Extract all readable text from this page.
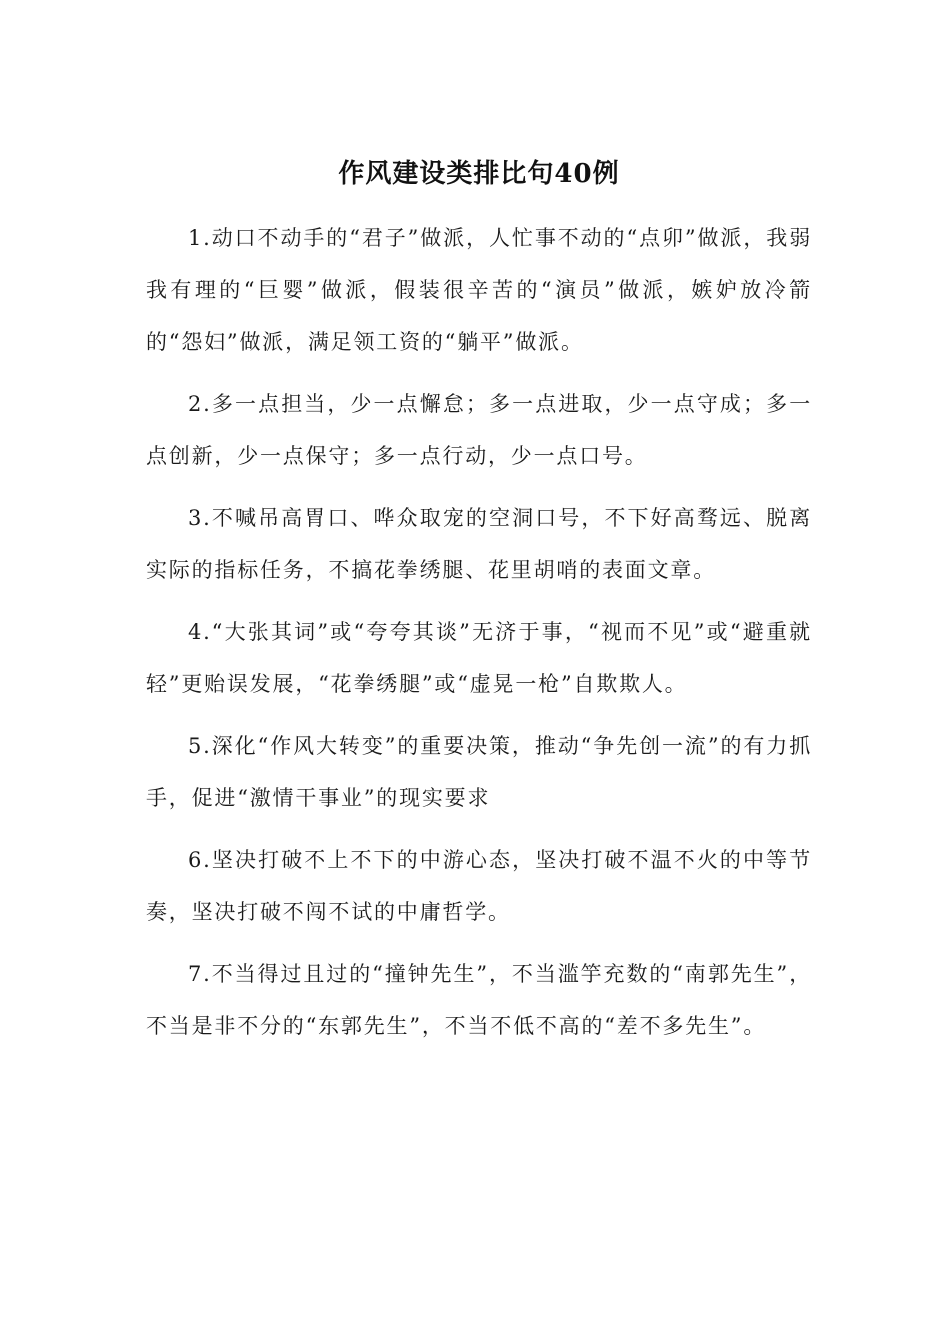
作风建设类排比句40例

1.动口不动手的“君子”做派，人忙事不动的“点卯”做派，我弱我有理的“巨婴”做派，假装很辛苦的“演员”做派，嫉妒放冷箭的“怨妇”做派，满足领工资的“躺平”做派。

2.多一点担当，少一点懈怠；多一点进取，少一点守成；多一点创新，少一点保守；多一点行动，少一点口号。

3.不喊吊高胃口、哗众取宠的空洞口号，不下好高骛远、脱离实际的指标任务，不搞花拳绣腿、花里胡哨的表面文章。

4.“大张其词”或“夸夸其谈”无济于事，“视而不见”或“避重就轻”更贻误发展，“花拳绣腿”或“虚晃一枪”自欺欺人。

5.深化“作风大转变”的重要决策，推动“争先创一流”的有力抓手，促进“激情干事业”的现实要求

6.坚决打破不上不下的中游心态，坚决打破不温不火的中等节奏，坚决打破不闯不试的中庸哲学。

7.不当得过且过的“撞钟先生”，不当滥竽充数的“南郭先生”，不当是非不分的“东郭先生”，不当不低不高的“差不多先生”。
